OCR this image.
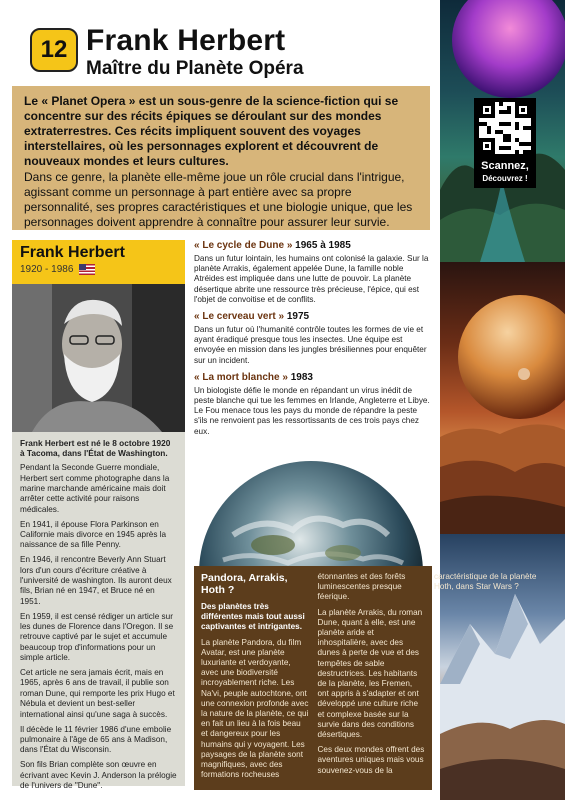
Scannez,
Découvrez !
12 Frank Herbert
Maître du Planète Opéra

Le « Planet Opera » est un sous-genre de la science-fiction qui se concentre sur des récits épiques se déroulant sur des mondes extraterrestres. Ces récits impliquent souvent des voyages interstellaires, où les personnages explorent et découvrent de nouveaux mondes et leurs cultures.

Dans ce genre, la planète elle-même joue un rôle crucial dans l'intrigue, agissant comme un personnage à part entière avec sa propre personnalité, ses propres caractéristiques et une biologie unique, que les personnages doivent apprendre à connaître pour assurer leur survie.

Frank Herbert
1920 - 1986

Frank Herbert est né le 8 octobre 1920 à Tacoma, dans l'État de Washington.

Pendant la Seconde Guerre mondiale, Herbert sert comme photographe dans la marine marchande américaine mais doit arrêter cette activité pour raisons médicales.

En 1941, il épouse Flora Parkinson en Californie mais divorce en 1945 après la naissance de sa fille Penny.

En 1946, il rencontre Beverly Ann Stuart lors d'un cours d'écriture créative à l'université de washington. Ils auront deux fils, Brian né en 1947, et Bruce né en 1951.

En 1959, il est censé rédiger un article sur les dunes de Florence dans l'Oregon. Il se retrouve captivé par le sujet et accumule beaucoup trop d'informations pour un simple article.

Cet article ne sera jamais écrit, mais en 1965, après 6 ans de travail, il publie son roman Dune, qui remporte les prix Hugo et Nébula et devient un best-seller international ainsi qu'une saga à succès.

Il décède le 11 février 1986 d'une embolie pulmonaire à l'âge de 65 ans à Madison, dans l'État du Wisconsin.

Son fils Brian complète son œuvre en écrivant avec Kevin J. Anderson la prélogie de l'univers de "Dune".

« Le cycle de Dune » 1965 à 1985

Dans un futur lointain, les humains ont colonisé la galaxie. Sur la planète Arrakis, également appelée Dune, la famille noble Atréides est impliquée dans une lutte de pouvoir. La planète désertique abrite une ressource très précieuse, l'épice, qui est l'objet de convoitise et de conflits.

« Le cerveau vert » 1975

Dans un futur où l'humanité contrôle toutes les formes de vie et ayant éradiqué presque tous les insectes. Une équipe est envoyée en mission dans les jungles brésiliennes pour enquêter sur un incident.

« La mort blanche » 1983

Un biologiste défie le monde en répandant un virus inédit de peste blanche qui tue les femmes en Irlande, Angleterre et Libye. Le Fou menace tous les pays du monde de répandre la peste s'ils ne renvoient pas les ressortissants de ces trois pays chez eux.

Pandora, Arrakis, Hoth ?

Des planètes très différentes mais tout aussi captivantes et intrigantes.

La planète Pandora, du film Avatar, est une planète luxuriante et verdoyante, avec une biodiversité incroyablement riche. Les Na'vi, peuple autochtone, ont une connexion profonde avec la nature de la planète, ce qui en fait un lieu à la fois beau et dangereux pour les humains qui y voyagent. Les paysages de la planète sont magnifiques, avec des formations rocheuses étonnantes et des forêts luminescentes presque féerique.

La planète Arrakis, du roman Dune, quant à elle, est une planète aride et inhospitalière, avec des dunes à perte de vue et des tempêtes de sable destructrices. Les habitants de la planète, les Fremen, ont appris à s'adapter et ont développé une culture riche et complexe basée sur la survie dans des conditions désertiques.

Ces deux mondes offrent des aventures uniques mais vous souvenez-vous de la caractéristique de la planète Hoth, dans Star Wars ?
